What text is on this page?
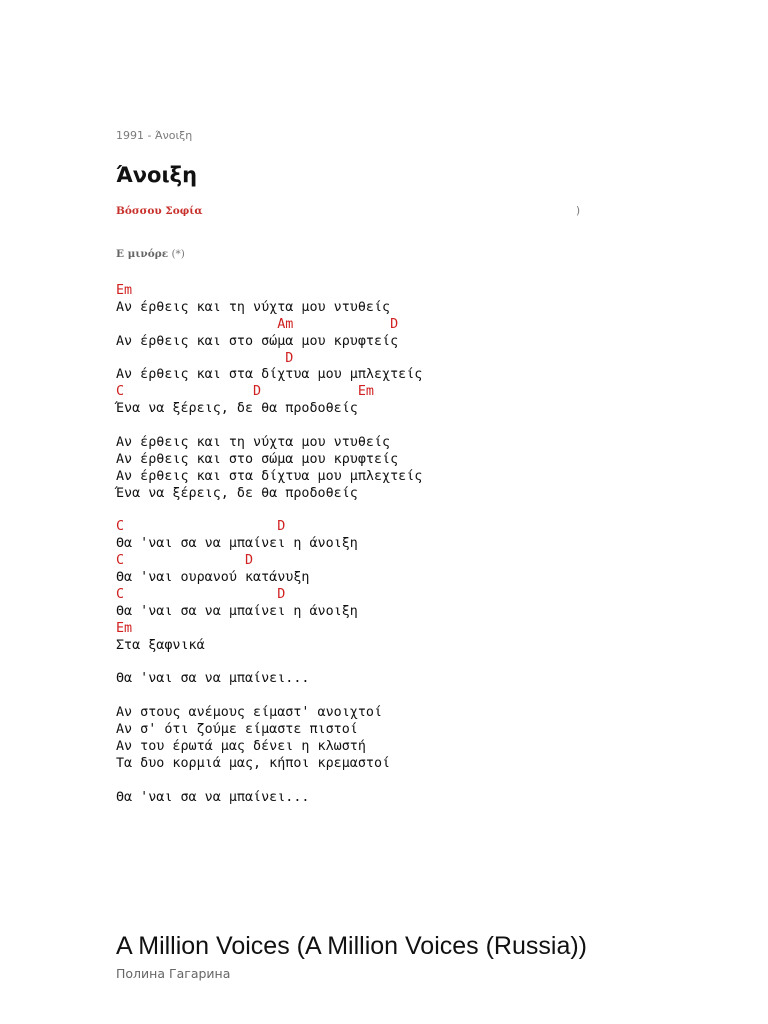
1991 - Άνοιξη
Άνοιξη
Βόσσου Σοφία	)
Ε μινόρε (*)
Em
Αν έρθεις και τη νύχτα μου ντυθείς
Am            D
Αν έρθεις και στο σώμα μου κρυφτείς
D
Αν έρθεις και στα δίχτυα μου μπλεχτείς
C                D            Em
Ένα να ξέρεις, δε θα προδοθείς
Αν έρθεις και τη νύχτα μου ντυθείς
Αν έρθεις και στο σώμα μου κρυφτείς
Αν έρθεις και στα δίχτυα μου μπλεχτείς
Ένα να ξέρεις, δε θα προδοθείς
C                   D
Θα 'ναι σα να μπαίνει η άνοιξη
C               D
Θα 'ναι ουρανού κατάνυξη
C                   D
Θα 'ναι σα να μπαίνει η άνοιξη
Em
Στα ξαφνικά
Θα 'ναι σα να μπαίνει...
Αν στους ανέμους είμαστ' ανοιχτοί
Αν σ' ότι ζούμε είμαστε πιστοί
Αν του έρωτά μας δένει η κλωστή
Τα δυο κορμιά μας, κήποι κρεμαστοί
Θα 'ναι σα να μπαίνει...
A Million Voices (A Million Voices (Russia))
Полина Гагарина
